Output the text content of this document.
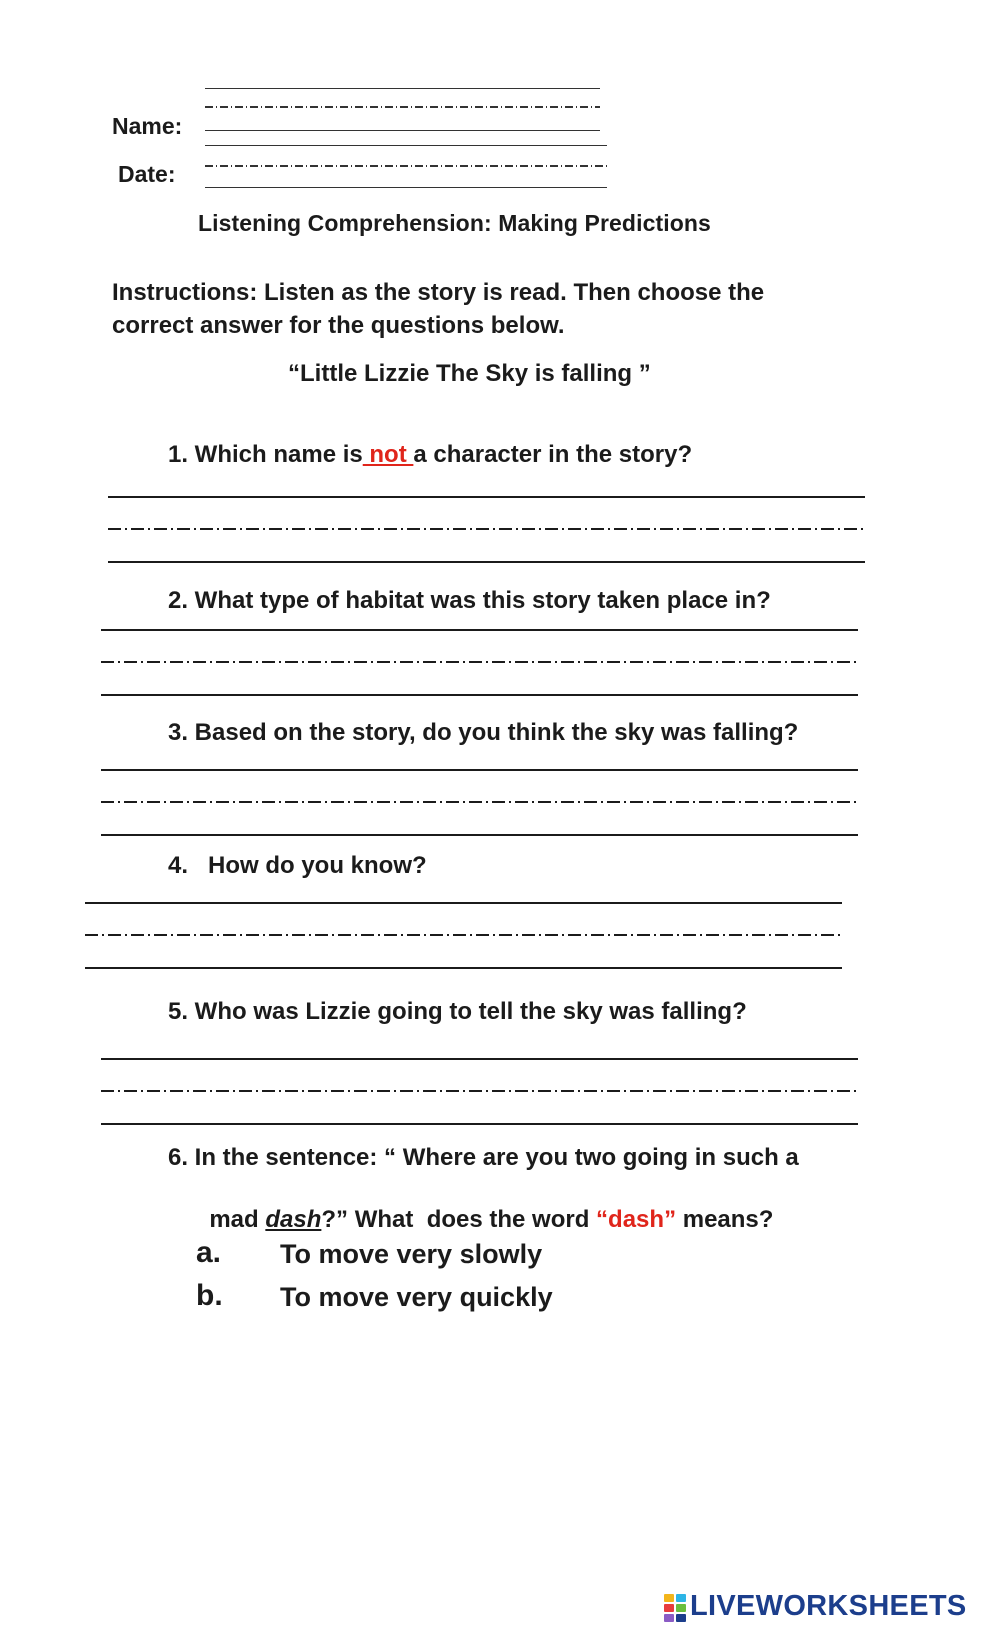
Name:
Date:
Listening Comprehension: Making Predictions
Instructions: Listen as the story is read. Then choose the
correct answer for the questions below.
“Little Lizzie The Sky is falling ”
1. Which name is not a character in the story?
2. What type of habitat was this story taken place in?
3. Based on the story, do you think the sky was falling?
4.   How do you know?
5. Who was Lizzie going to tell the sky was falling?
6. In the sentence: “ Where are you two going in such a

mad dash?” What  does the word “dash” means?

a. To move very slowly
b. To move very quickly
LIVEWORKSHEETS
